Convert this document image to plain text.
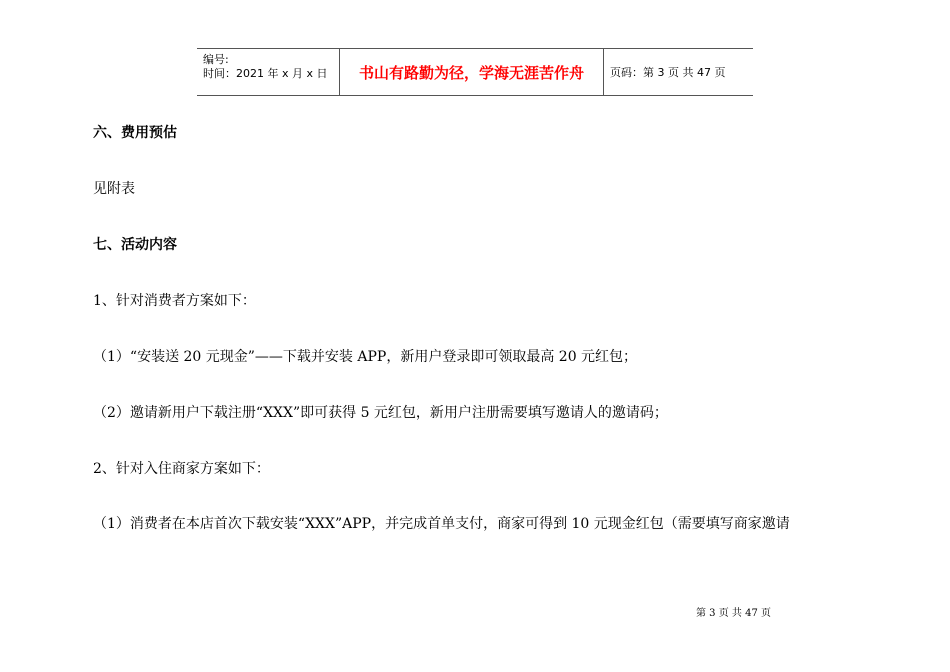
编号:
时间：2021 年 x 月 x 日	书山有路勤为径，学海无涯苦作舟	页码：第 3 页 共 47 页
六、费用预估
见附表
七、活动内容
1、针对消费者方案如下：
（1）“安装送 20 元现金”——下载并安装 APP，新用户登录即可领取最高 20 元红包；
（2）邀请新用户下载注册“XXX”即可获得 5 元红包，新用户注册需要填写邀请人的邀请码；
2、针对入住商家方案如下：
（1）消费者在本店首次下载安装“XXX”APP，并完成首单支付，商家可得到 10 元现金红包（需要填写商家邀请
第 3 页 共 47 页
